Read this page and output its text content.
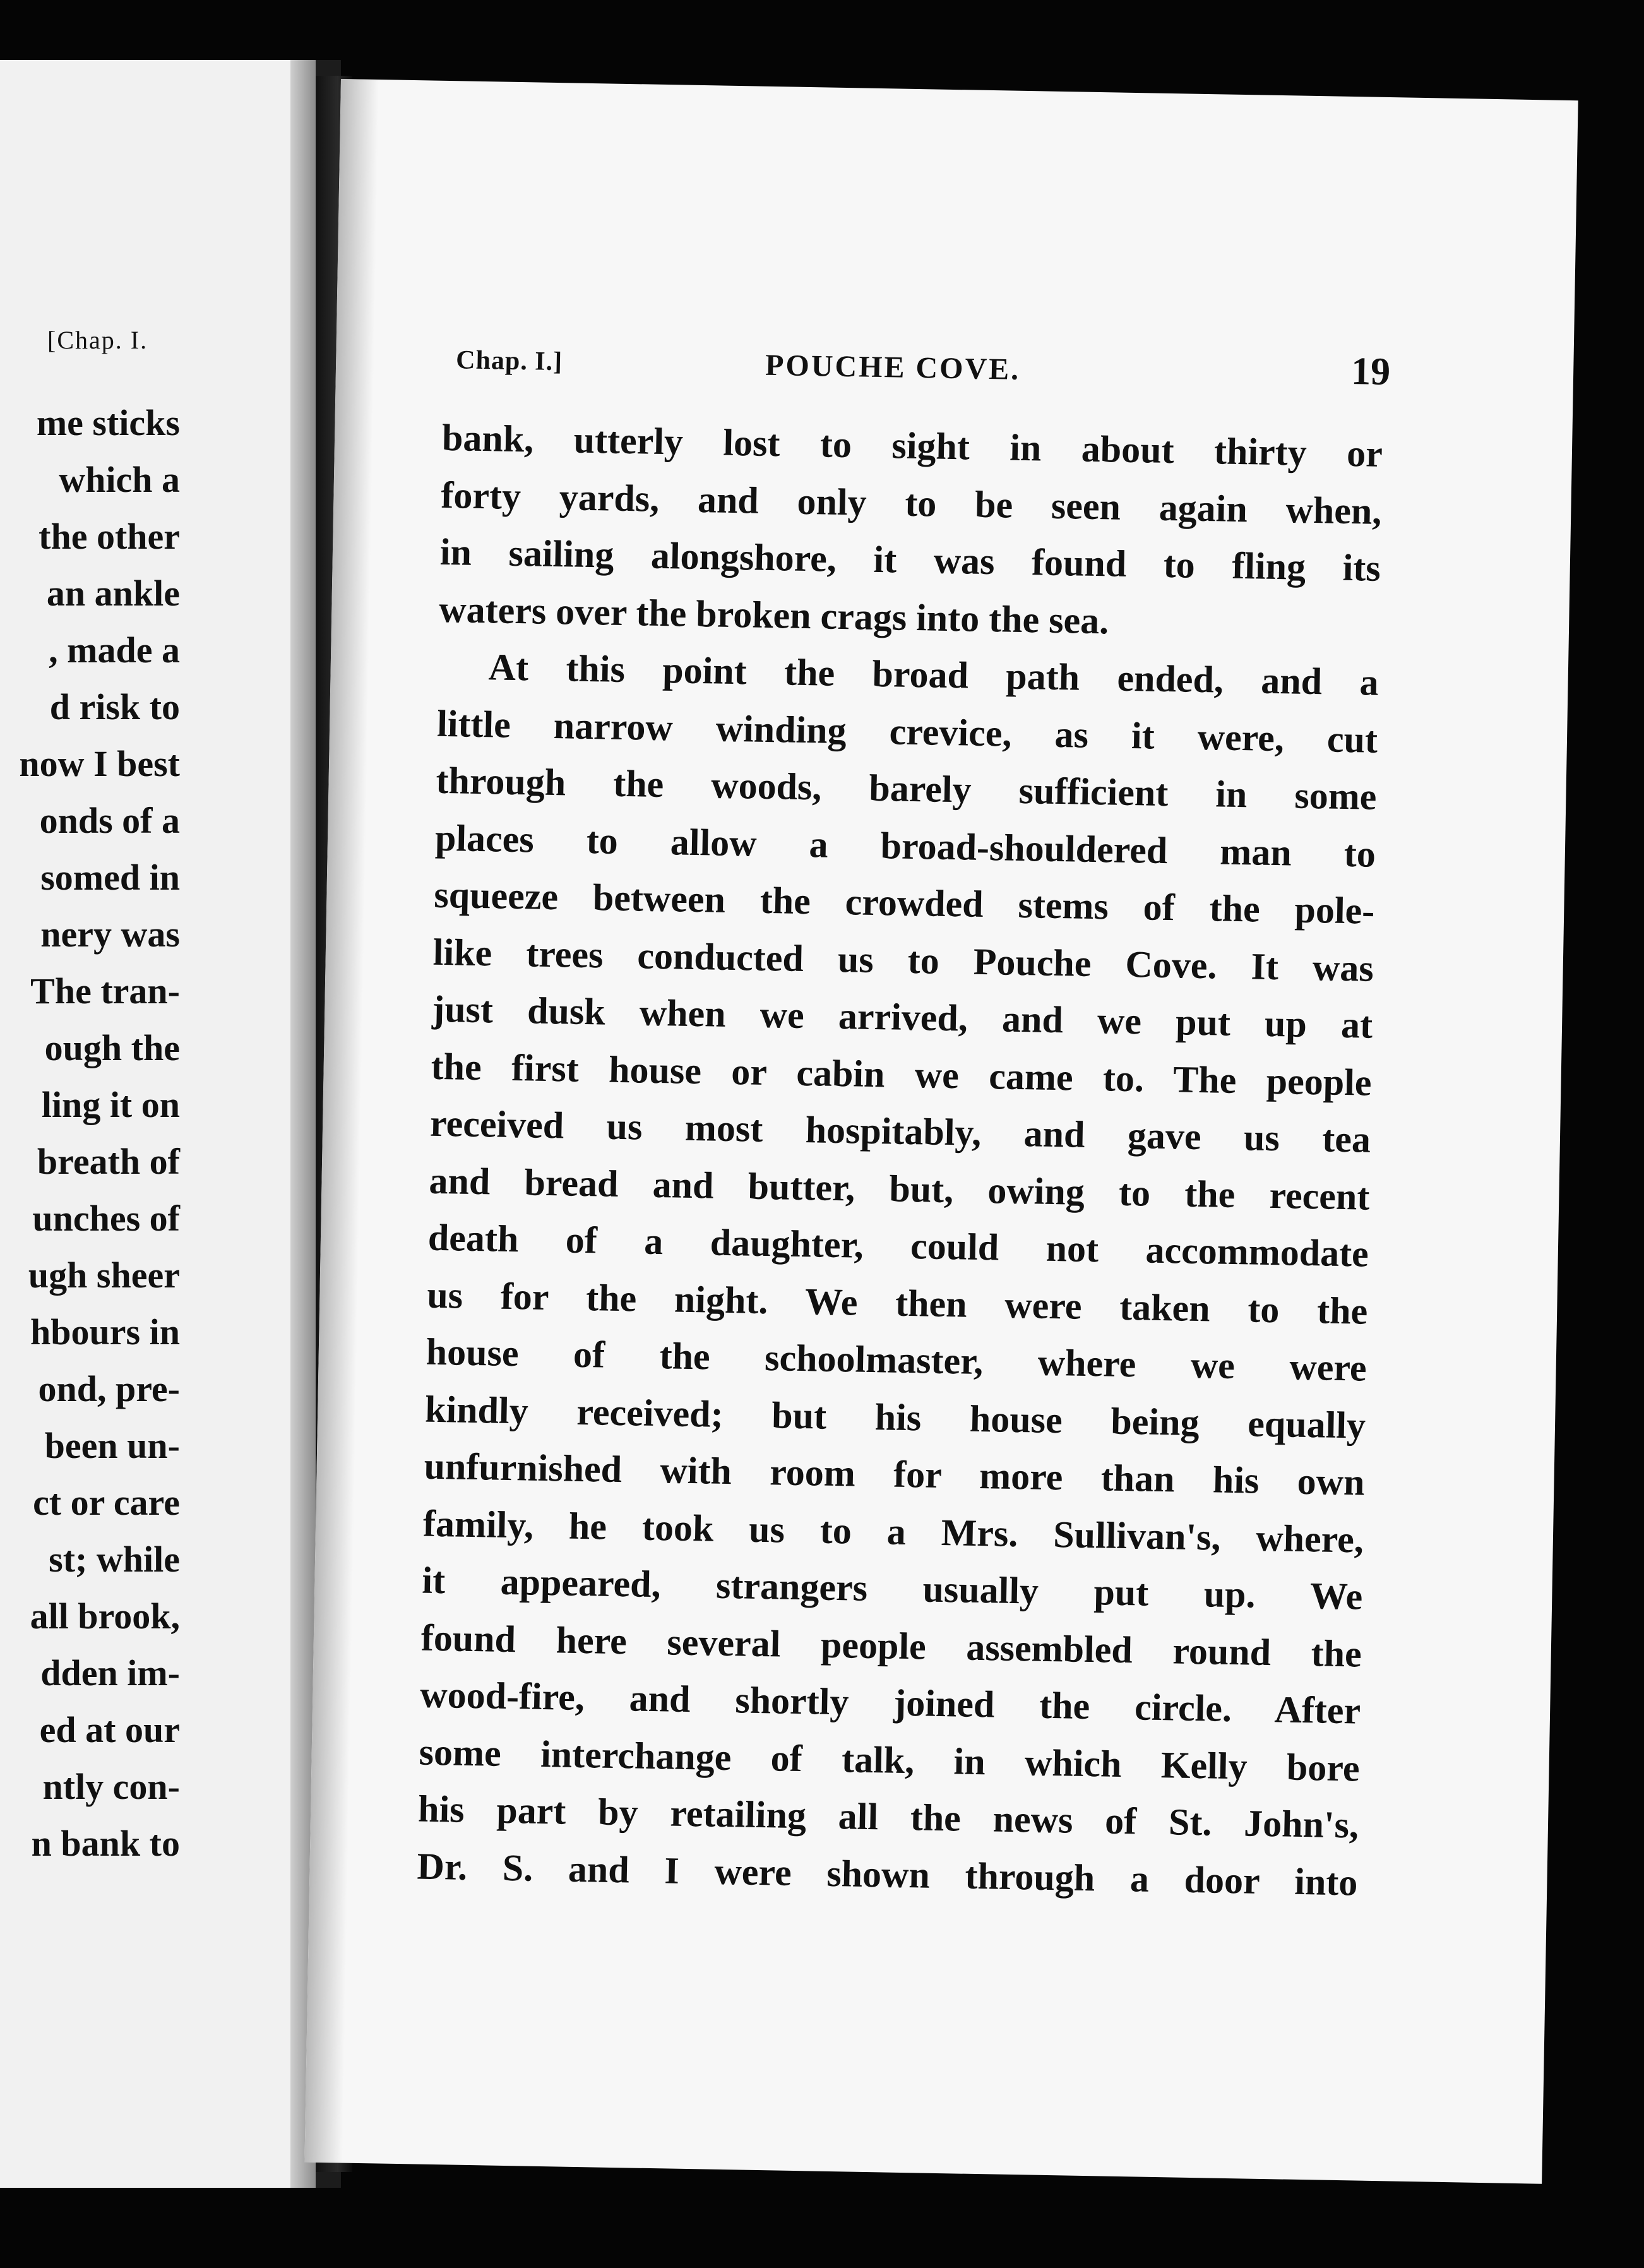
[Chap. I.
me sticks
which a
the other
an ankle
, made a
d risk to
now I best
onds of a
somed in
nery was
The tran-
ough the
ling it on
breath of
unches of
ugh sheer
hbours in
ond, pre-
been un-
ct or care
st; while
all brook,
dden im-
ed at our
ntly con-
n bank to
Chap. I.]	POUCHE COVE.	19
bank, utterly lost to sight in about thirty or
forty yards, and only to be seen again when,
in sailing alongshore, it was found to fling its
waters over the broken crags into the sea.
At this point the broad path ended, and a
little narrow winding crevice, as it were, cut
through the woods, barely sufficient in some
places to allow a broad-shouldered man to
squeeze between the crowded stems of the pole-
like trees conducted us to Pouche Cove. It was
just dusk when we arrived, and we put up at
the first house or cabin we came to. The people
received us most hospitably, and gave us tea
and bread and butter, but, owing to the recent
death of a daughter, could not accommodate
us for the night. We then were taken to the
house of the schoolmaster, where we were
kindly received; but his house being equally
unfurnished with room for more than his own
family, he took us to a Mrs. Sullivan's, where,
it appeared, strangers usually put up. We
found here several people assembled round the
wood-fire, and shortly joined the circle. After
some interchange of talk, in which Kelly bore
his part by retailing all the news of St. John's,
Dr. S. and I were shown through a door into
